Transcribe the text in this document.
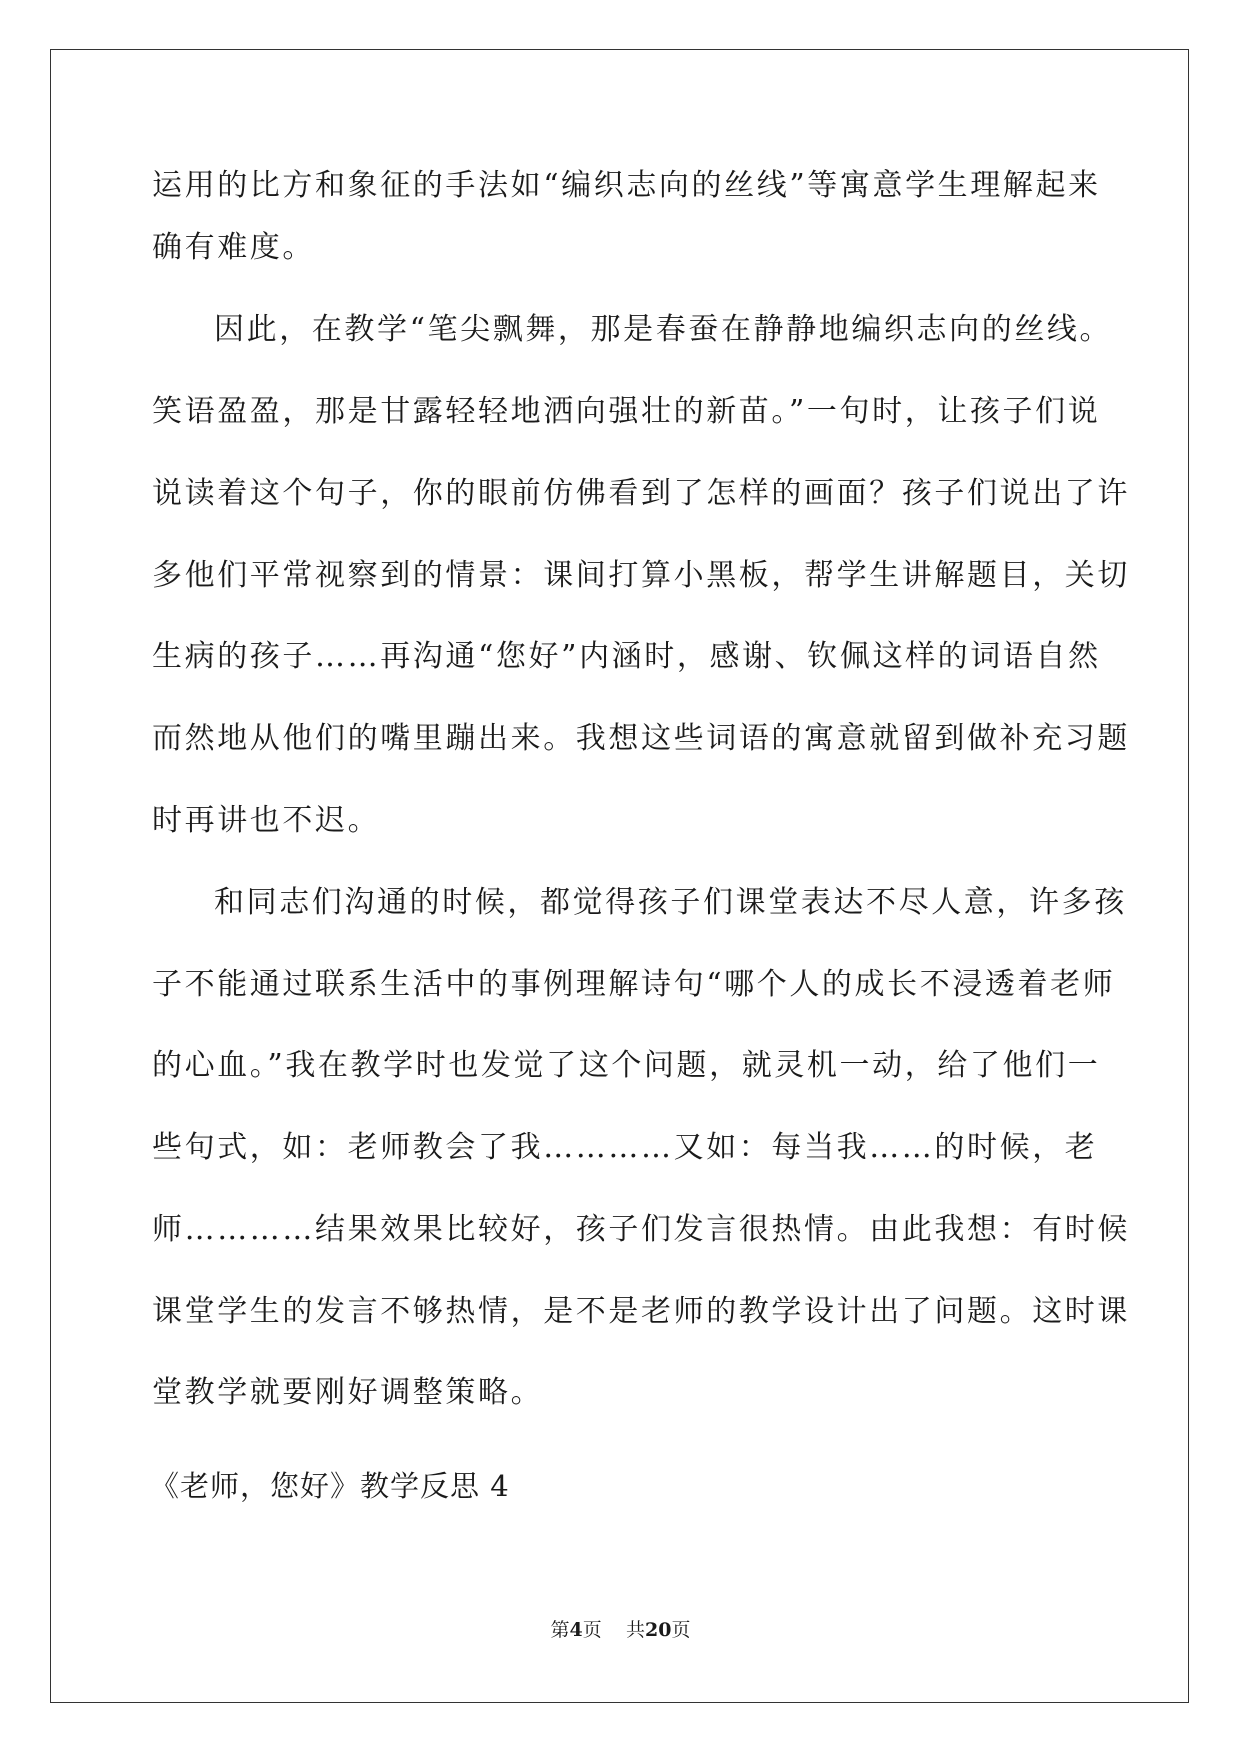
运用的比方和象征的手法如“编织志向的丝线”等寓意学生理解起来
确有难度。
因此，在教学“笔尖飘舞，那是春蚕在静静地编织志向的丝线。
笑语盈盈，那是甘露轻轻地洒向强壮的新苗。”一句时，让孩子们说
说读着这个句子，你的眼前仿佛看到了怎样的画面？孩子们说出了许
多他们平常视察到的情景：课间打算小黑板，帮学生讲解题目，关切
生病的孩子……再沟通“您好”内涵时，感谢、钦佩这样的词语自然
而然地从他们的嘴里蹦出来。我想这些词语的寓意就留到做补充习题
时再讲也不迟。
和同志们沟通的时候，都觉得孩子们课堂表达不尽人意，许多孩
子不能通过联系生活中的事例理解诗句“哪个人的成长不浸透着老师
的心血。”我在教学时也发觉了这个问题，就灵机一动，给了他们一
些句式，如：老师教会了我…………又如：每当我……的时候，老
师…………结果效果比较好，孩子们发言很热情。由此我想：有时候
课堂学生的发言不够热情，是不是老师的教学设计出了问题。这时课
堂教学就要刚好调整策略。
《老师，您好》教学反思 4
第4页 共20页
